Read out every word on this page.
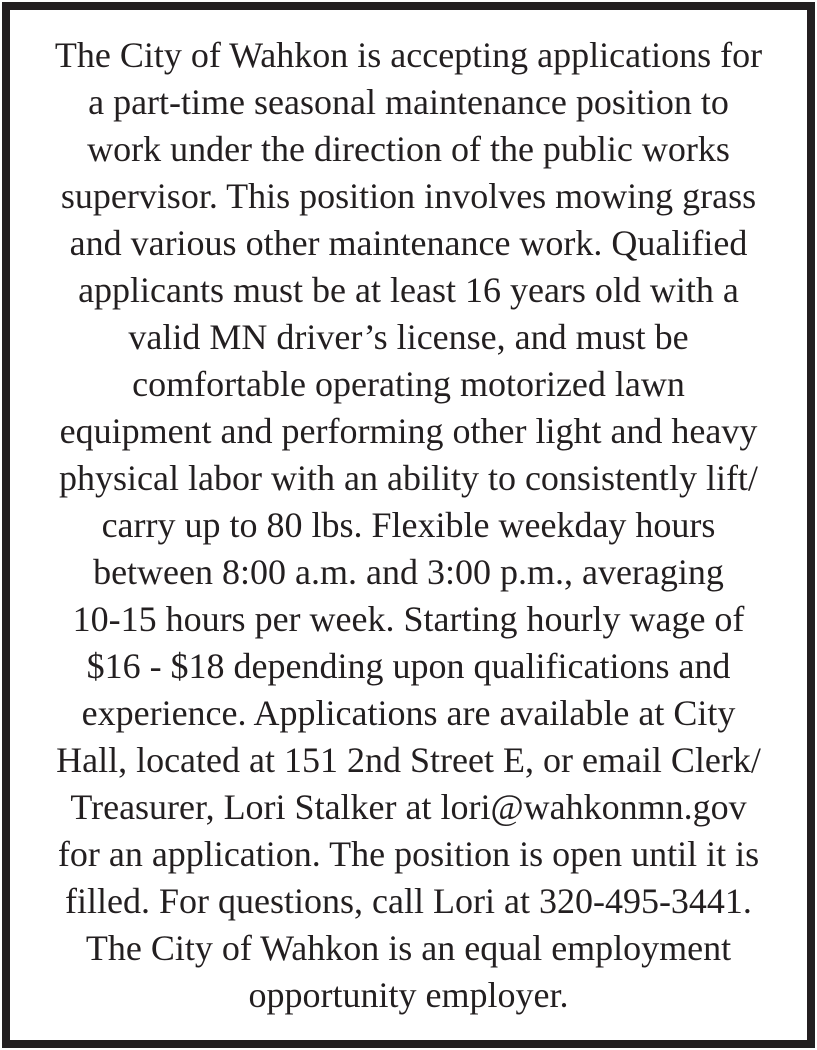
The City of Wahkon is accepting applications for
a part-time seasonal maintenance position to
work under the direction of the public works
supervisor. This position involves mowing grass
and various other maintenance work. Qualified
applicants must be at least 16 years old with a
valid MN driver’s license, and must be
comfortable operating motorized lawn
equipment and performing other light and heavy
physical labor with an ability to consistently lift/
carry up to 80 lbs. Flexible weekday hours
between 8:00 a.m. and 3:00 p.m., averaging
10-15 hours per week. Starting hourly wage of
$16 - $18 depending upon qualifications and
experience. Applications are available at City
Hall, located at 151 2nd Street E, or email Clerk/
Treasurer, Lori Stalker at lori@wahkonmn.gov
for an application. The position is open until it is
filled. For questions, call Lori at 320-495-3441.
The City of Wahkon is an equal employment
opportunity employer.
